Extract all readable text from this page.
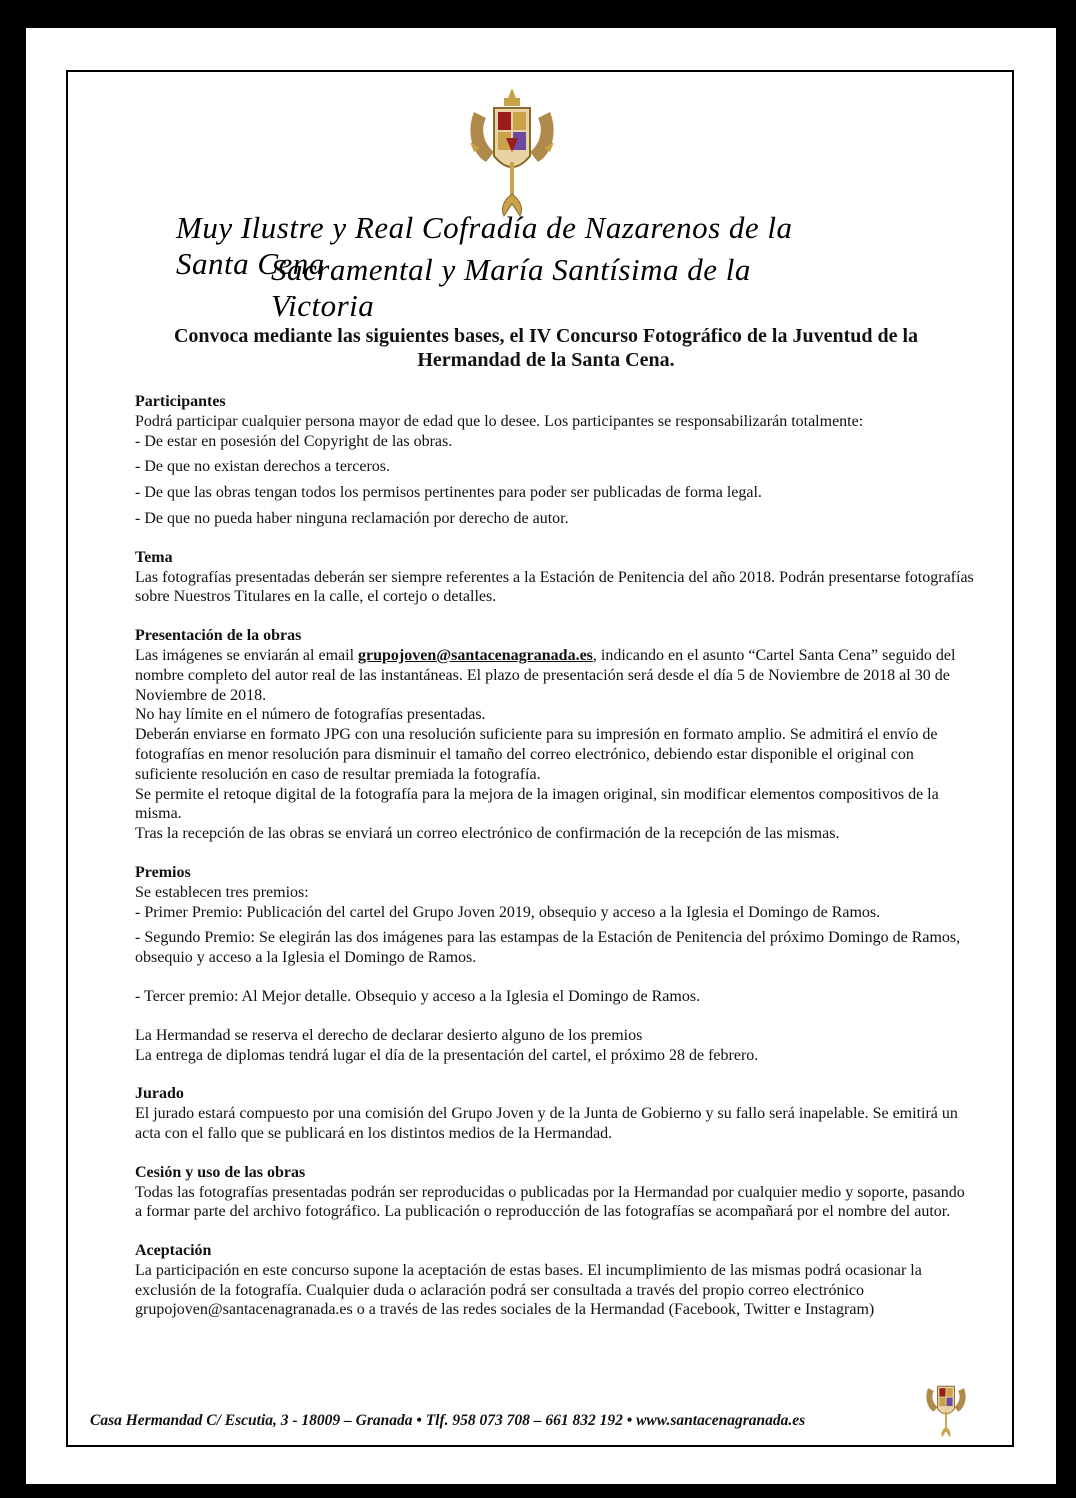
Muy Ilustre y Real Cofradía de Nazarenos de la Santa Cena
Sacramental y María Santísima de la Victoria
Convoca mediante las siguientes bases, el IV Concurso Fotográfico de la Juventud de la Hermandad de la Santa Cena.
Participantes

Podrá participar cualquier persona mayor de edad que lo desee. Los participantes se responsabilizarán totalmente:

- De estar en posesión del Copyright de las obras.

- De que no existan derechos a terceros.

- De que las obras tengan todos los permisos pertinentes para poder ser publicadas de forma legal.

- De que no pueda haber ninguna reclamación por derecho de autor.

Tema

Las fotografías presentadas deberán ser siempre referentes a la Estación de Penitencia del año 2018. Podrán presentarse fotografías sobre Nuestros Titulares en la calle, el cortejo o detalles.

Presentación de la obras

Las imágenes se enviarán al email grupojoven@santacenagranada.es, indicando en el asunto “Cartel Santa Cena” seguido del nombre completo del autor real de las instantáneas. El plazo de presentación será desde el día 5 de Noviembre de 2018 al 30 de Noviembre de 2018.

No hay límite en el número de fotografías presentadas.

Deberán enviarse en formato JPG con una resolución suficiente para su impresión en formato amplio. Se admitirá el envío de fotografías en menor resolución para disminuir el tamaño del correo electrónico, debiendo estar disponible el original con suficiente resolución en caso de resultar premiada la fotografía.

Se permite el retoque digital de la fotografía para la mejora de la imagen original, sin modificar elementos compositivos de la misma.

Tras la recepción de las obras se enviará un correo electrónico de confirmación de la recepción de las mismas.

Premios

Se establecen tres premios:

- Primer Premio: Publicación del cartel del Grupo Joven 2019, obsequio y acceso a la Iglesia el Domingo de Ramos.

- Segundo Premio: Se elegirán las dos imágenes para las estampas de la Estación de Penitencia del próximo Domingo de Ramos, obsequio y acceso a la Iglesia el Domingo de Ramos.

- Tercer premio: Al Mejor detalle. Obsequio y acceso a la Iglesia el Domingo de Ramos.

La Hermandad se reserva el derecho de declarar desierto alguno de los premios

La entrega de diplomas tendrá lugar el día de la presentación del cartel, el próximo 28 de febrero.

Jurado

El jurado estará compuesto por una comisión del Grupo Joven y de la Junta de Gobierno y su fallo será inapelable. Se emitirá un acta con el fallo que se publicará en los distintos medios de la Hermandad.

Cesión y uso de las obras

Todas las fotografías presentadas podrán ser reproducidas o publicadas por la Hermandad por cualquier medio y soporte, pasando a formar parte del archivo fotográfico. La publicación o reproducción de las fotografías se acompañará por el nombre del autor.

Aceptación

La participación en este concurso supone la aceptación de estas bases. El incumplimiento de las mismas podrá ocasionar la exclusión de la fotografía. Cualquier duda o aclaración podrá ser consultada a través del propio correo electrónico grupojoven@santacenagranada.es o a través de las redes sociales de la Hermandad (Facebook, Twitter e Instagram)

Casa Hermandad C/ Escutia, 3 - 18009 – Granada • Tlf. 958 073 708 – 661 832 192 • www.santacenagranada.es
